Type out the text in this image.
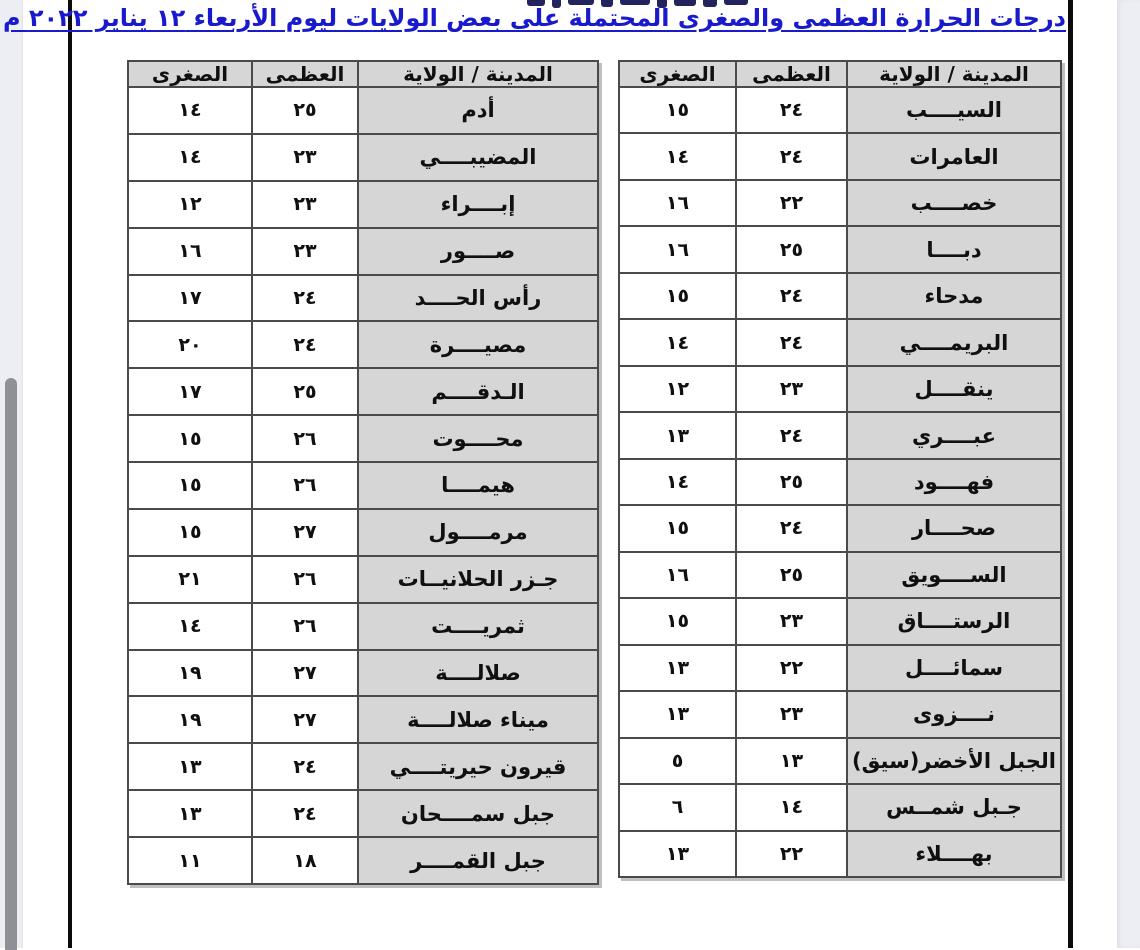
درجات الحرارة العظمى والصغرى المحتملة على بعض الولايات ليوم الأربعاء ١٢ يناير ٢٠٢٢ م
المدينة / الولاية	العظمى	الصغرى
أدم	٢٥	١٤
المضيبــــي	٢٣	١٤
إبــــراء	٢٣	١٢
صــــور	٢٣	١٦
رأس الحــــد	٢٤	١٧
مصيــــرة	٢٤	٢٠
الـدقــــم	٢٥	١٧
محــــوت	٢٦	١٥
هيمــــا	٢٦	١٥
مرمــــول	٢٧	١٥
جـزر الحلانيــات	٢٦	٢١
ثمريــــت	٢٦	١٤
صلالــــة	٢٧	١٩
ميناء صلالــــة	٢٧	١٩
قيرون حيريتــــي	٢٤	١٣
جبل سمــــحان	٢٤	١٣
جبل القمــــر	١٨	١١
المدينة / الولاية	العظمى	الصغرى
السيــــب	٢٤	١٥
العامرات	٢٤	١٤
خصــــب	٢٢	١٦
دبــــا	٢٥	١٦
مدحاء	٢٤	١٥
البريمــــي	٢٤	١٤
ينقــــل	٢٣	١٢
عبــــري	٢٤	١٣
فهــــود	٢٥	١٤
صحــــار	٢٤	١٥
الســــويق	٢٥	١٦
الرستــــاق	٢٣	١٥
سمائــــل	٢٢	١٣
نــــزوى	٢٣	١٣
الجبل الأخضر(سيق)	١٣	٥
جـبل شمــس	١٤	٦
بهــــلاء	٢٢	١٣
